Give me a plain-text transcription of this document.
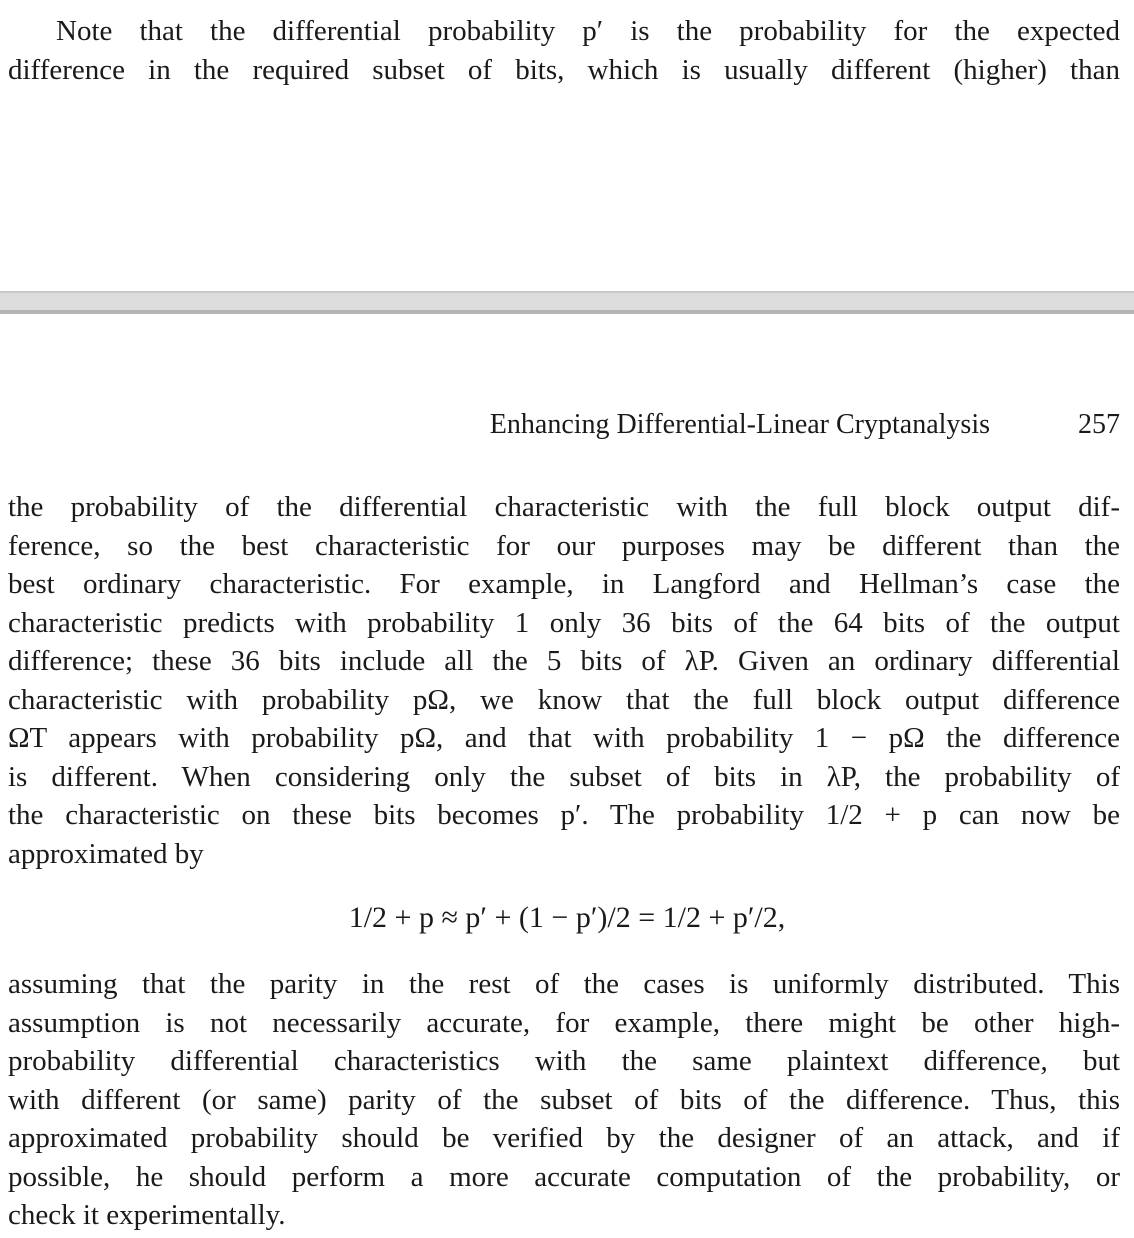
Note that the differential probability p′ is the probability for the expected
difference in the required subset of bits, which is usually different (higher) than
Enhancing Differential-Linear Cryptanalysis	257
the probability of the differential characteristic with the full block output dif-
ference, so the best characteristic for our purposes may be different than the
best ordinary characteristic. For example, in Langford and Hellman’s case the
characteristic predicts with probability 1 only 36 bits of the 64 bits of the output
difference; these 36 bits include all the 5 bits of λP. Given an ordinary differential
characteristic with probability pΩ, we know that the full block output difference
ΩT appears with probability pΩ, and that with probability 1 − pΩ the difference
is different. When considering only the subset of bits in λP, the probability of
the characteristic on these bits becomes p′. The probability 1/2 + p can now be
approximated by
1/2 + p ≈ p′ + (1 − p′)/2 = 1/2 + p′/2,
assuming that the parity in the rest of the cases is uniformly distributed. This
assumption is not necessarily accurate, for example, there might be other high-
probability differential characteristics with the same plaintext difference, but
with different (or same) parity of the subset of bits of the difference. Thus, this
approximated probability should be verified by the designer of an attack, and if
possible, he should perform a more accurate computation of the probability, or
check it experimentally.
